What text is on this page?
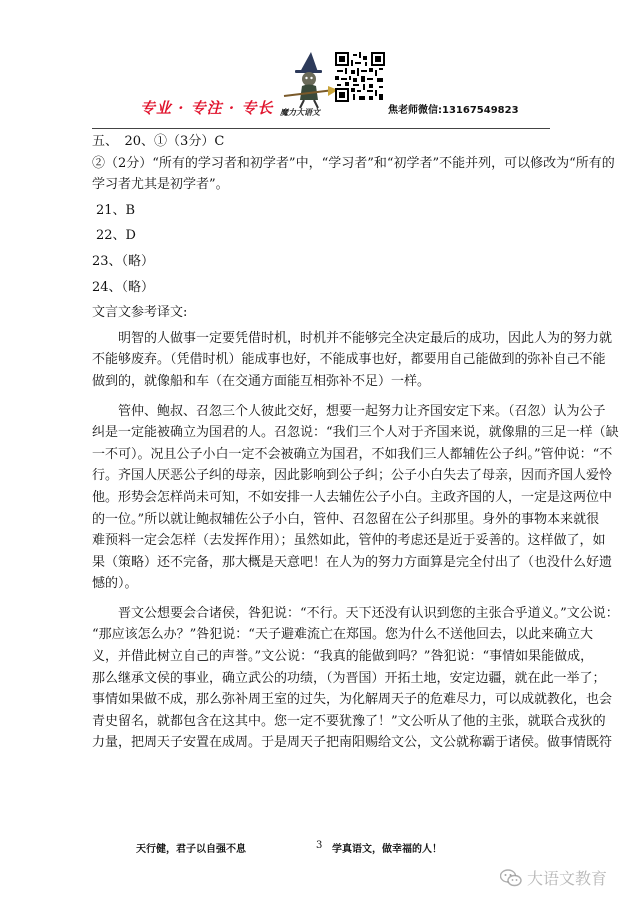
专业 · 专注 · 专长 魔力大语文	焦老师微信:13167549823
五、　20、①（3分）C
②（2分）“所有的学习者和初学者”中，“学习者”和“初学者”不能并列，可以修改为“所有的
学习者尤其是初学者”。
21、B
22、D
23、（略）
24、（略）
文言文参考译文:
明智的人做事一定要凭借时机，时机并不能够完全决定最后的成功，因此人为的努力就
不能够废弃。（凭借时机）能成事也好，不能成事也好，都要用自己能做到的弥补自己不能
做到的，就像船和车（在交通方面能互相弥补不足）一样。
管仲、鲍叔、召忽三个人彼此交好，想要一起努力让齐国安定下来。（召忽）认为公子
纠是一定能被确立为国君的人。召忽说：“我们三个人对于齐国来说，就像鼎的三足一样（缺
一不可）。况且公子小白一定不会被确立为国君，不如我们三人都辅佐公子纠。”管仲说：“不
行。齐国人厌恶公子纠的母亲，因此影响到公子纠；公子小白失去了母亲，因而齐国人爱怜
他。形势会怎样尚未可知，不如安排一人去辅佐公子小白。主政齐国的人，一定是这两位中
的一位。”所以就让鲍叔辅佐公子小白，管仲、召忽留在公子纠那里。身外的事物本来就很
难预料一定会怎样（去发挥作用）；虽然如此，管仲的考虑还是近于妥善的。这样做了，如
果（策略）还不完备，那大概是天意吧！在人为的努力方面算是完全付出了（也没什么好遗
憾的）。
晋文公想要会合诸侯，咎犯说：“不行。天下还没有认识到您的主张合乎道义。”文公说：
“那应该怎么办？”咎犯说：“天子避难流亡在郑国。您为什么不送他回去，以此来确立大
义，并借此树立自己的声誉。”文公说：“我真的能做到吗？”咎犯说：“事情如果能做成，
那么继承文侯的事业，确立武公的功绩，（为晋国）开拓土地，安定边疆，就在此一举了；
事情如果做不成，那么弥补周王室的过失，为化解周天子的危难尽力，可以成就教化，也会
青史留名，就都包含在这其中。您一定不要犹豫了！”文公听从了他的主张，就联合戎狄的
力量，把周天子安置在成周。于是周天子把南阳赐给文公，文公就称霸于诸侯。做事情既符
天行健，君子以自强不息	3 学真语文，做幸福的人！
大语文教育
